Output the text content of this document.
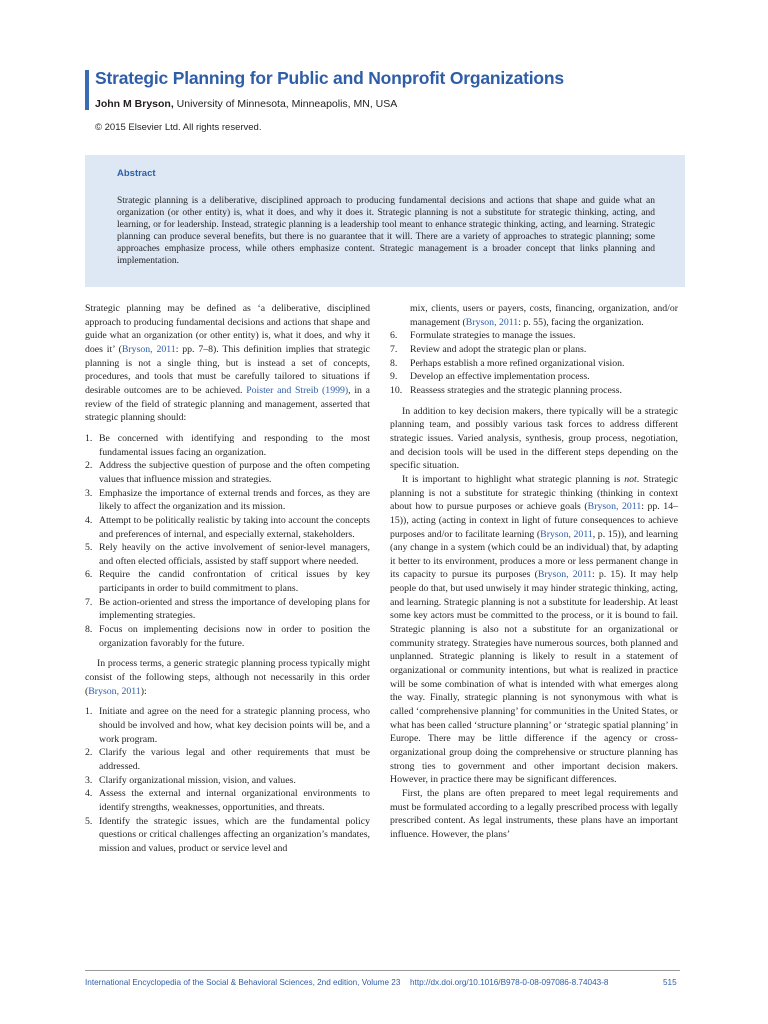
Strategic Planning for Public and Nonprofit Organizations
John M Bryson, University of Minnesota, Minneapolis, MN, USA
© 2015 Elsevier Ltd. All rights reserved.
Abstract
Strategic planning is a deliberative, disciplined approach to producing fundamental decisions and actions that shape and guide what an organization (or other entity) is, what it does, and why it does it. Strategic planning is not a substitute for strategic thinking, acting, and learning, or for leadership. Instead, strategic planning is a leadership tool meant to enhance strategic thinking, acting, and learning. Strategic planning can produce several benefits, but there is no guarantee that it will. There are a variety of approaches to strategic planning; some approaches emphasize process, while others emphasize content. Strategic management is a broader concept that links planning and implementation.

Strategic planning may be defined as ‘a deliberative, disciplined approach to producing fundamental decisions and actions that shape and guide what an organization (or other entity) is, what it does, and why it does it’ (Bryson, 2011: pp. 7–8). This definition implies that strategic planning is not a single thing, but is instead a set of concepts, procedures, and tools that must be carefully tailored to situations if desirable outcomes are to be achieved. Poister and Streib (1999), in a review of the field of strategic planning and management, asserted that strategic planning should:

1. Be concerned with identifying and responding to the most fundamental issues facing an organization.
2. Address the subjective question of purpose and the often competing values that influence mission and strategies.
3. Emphasize the importance of external trends and forces, as they are likely to affect the organization and its mission.
4. Attempt to be politically realistic by taking into account the concepts and preferences of internal, and especially external, stakeholders.
5. Rely heavily on the active involvement of senior-level managers, and often elected officials, assisted by staff support where needed.
6. Require the candid confrontation of critical issues by key participants in order to build commitment to plans.
7. Be action-oriented and stress the importance of developing plans for implementing strategies.
8. Focus on implementing decisions now in order to position the organization favorably for the future.

In process terms, a generic strategic planning process typically might consist of the following steps, although not necessarily in this order (Bryson, 2011):

1. Initiate and agree on the need for a strategic planning process, who should be involved and how, what key decision points will be, and a work program.
2. Clarify the various legal and other requirements that must be addressed.
3. Clarify organizational mission, vision, and values.
4. Assess the external and internal organizational environments to identify strengths, weaknesses, opportunities, and threats.
5. Identify the strategic issues, which are the fundamental policy questions or critical challenges affecting an organization’s mandates, mission and values, product or service level and

mix, clients, users or payers, costs, financing, organization, and/or management (Bryson, 2011: p. 55), facing the organization.

6. Formulate strategies to manage the issues.
7. Review and adopt the strategic plan or plans.
8. Perhaps establish a more refined organizational vision.
9. Develop an effective implementation process.
10. Reassess strategies and the strategic planning process.

In addition to key decision makers, there typically will be a strategic planning team, and possibly various task forces to address different strategic issues. Varied analysis, synthesis, group process, negotiation, and decision tools will be used in the different steps depending on the specific situation.

It is important to highlight what strategic planning is not. Strategic planning is not a substitute for strategic thinking (thinking in context about how to pursue purposes or achieve goals (Bryson, 2011: pp. 14–15)), acting (acting in context in light of future consequences to achieve purposes and/or to facilitate learning (Bryson, 2011, p. 15)), and learning (any change in a system (which could be an individual) that, by adapting it better to its environment, produces a more or less permanent change in its capacity to pursue its purposes (Bryson, 2011: p. 15). It may help people do that, but used unwisely it may hinder strategic thinking, acting, and learning. Strategic planning is not a substitute for leadership. At least some key actors must be committed to the process, or it is bound to fail. Strategic planning is also not a substitute for an organizational or community strategy. Strategies have numerous sources, both planned and unplanned. Strategic planning is likely to result in a statement of organizational or community intentions, but what is realized in practice will be some combination of what is intended with what emerges along the way. Finally, strategic planning is not synonymous with what is called ‘comprehensive planning’ for communities in the United States, or what has been called ‘structure planning’ or ‘strategic spatial planning’ in Europe. There may be little difference if the agency or cross-organizational group doing the comprehensive or structure planning has strong ties to government and other important decision makers. However, in practice there may be significant differences.

First, the plans are often prepared to meet legal requirements and must be formulated according to a legally prescribed process with legally prescribed content. As legal instruments, these plans have an important influence. However, the plans’

International Encyclopedia of the Social & Behavioral Sciences, 2nd edition, Volume 23 http://dx.doi.org/10.1016/B978-0-08-097086-8.74043-8	515
